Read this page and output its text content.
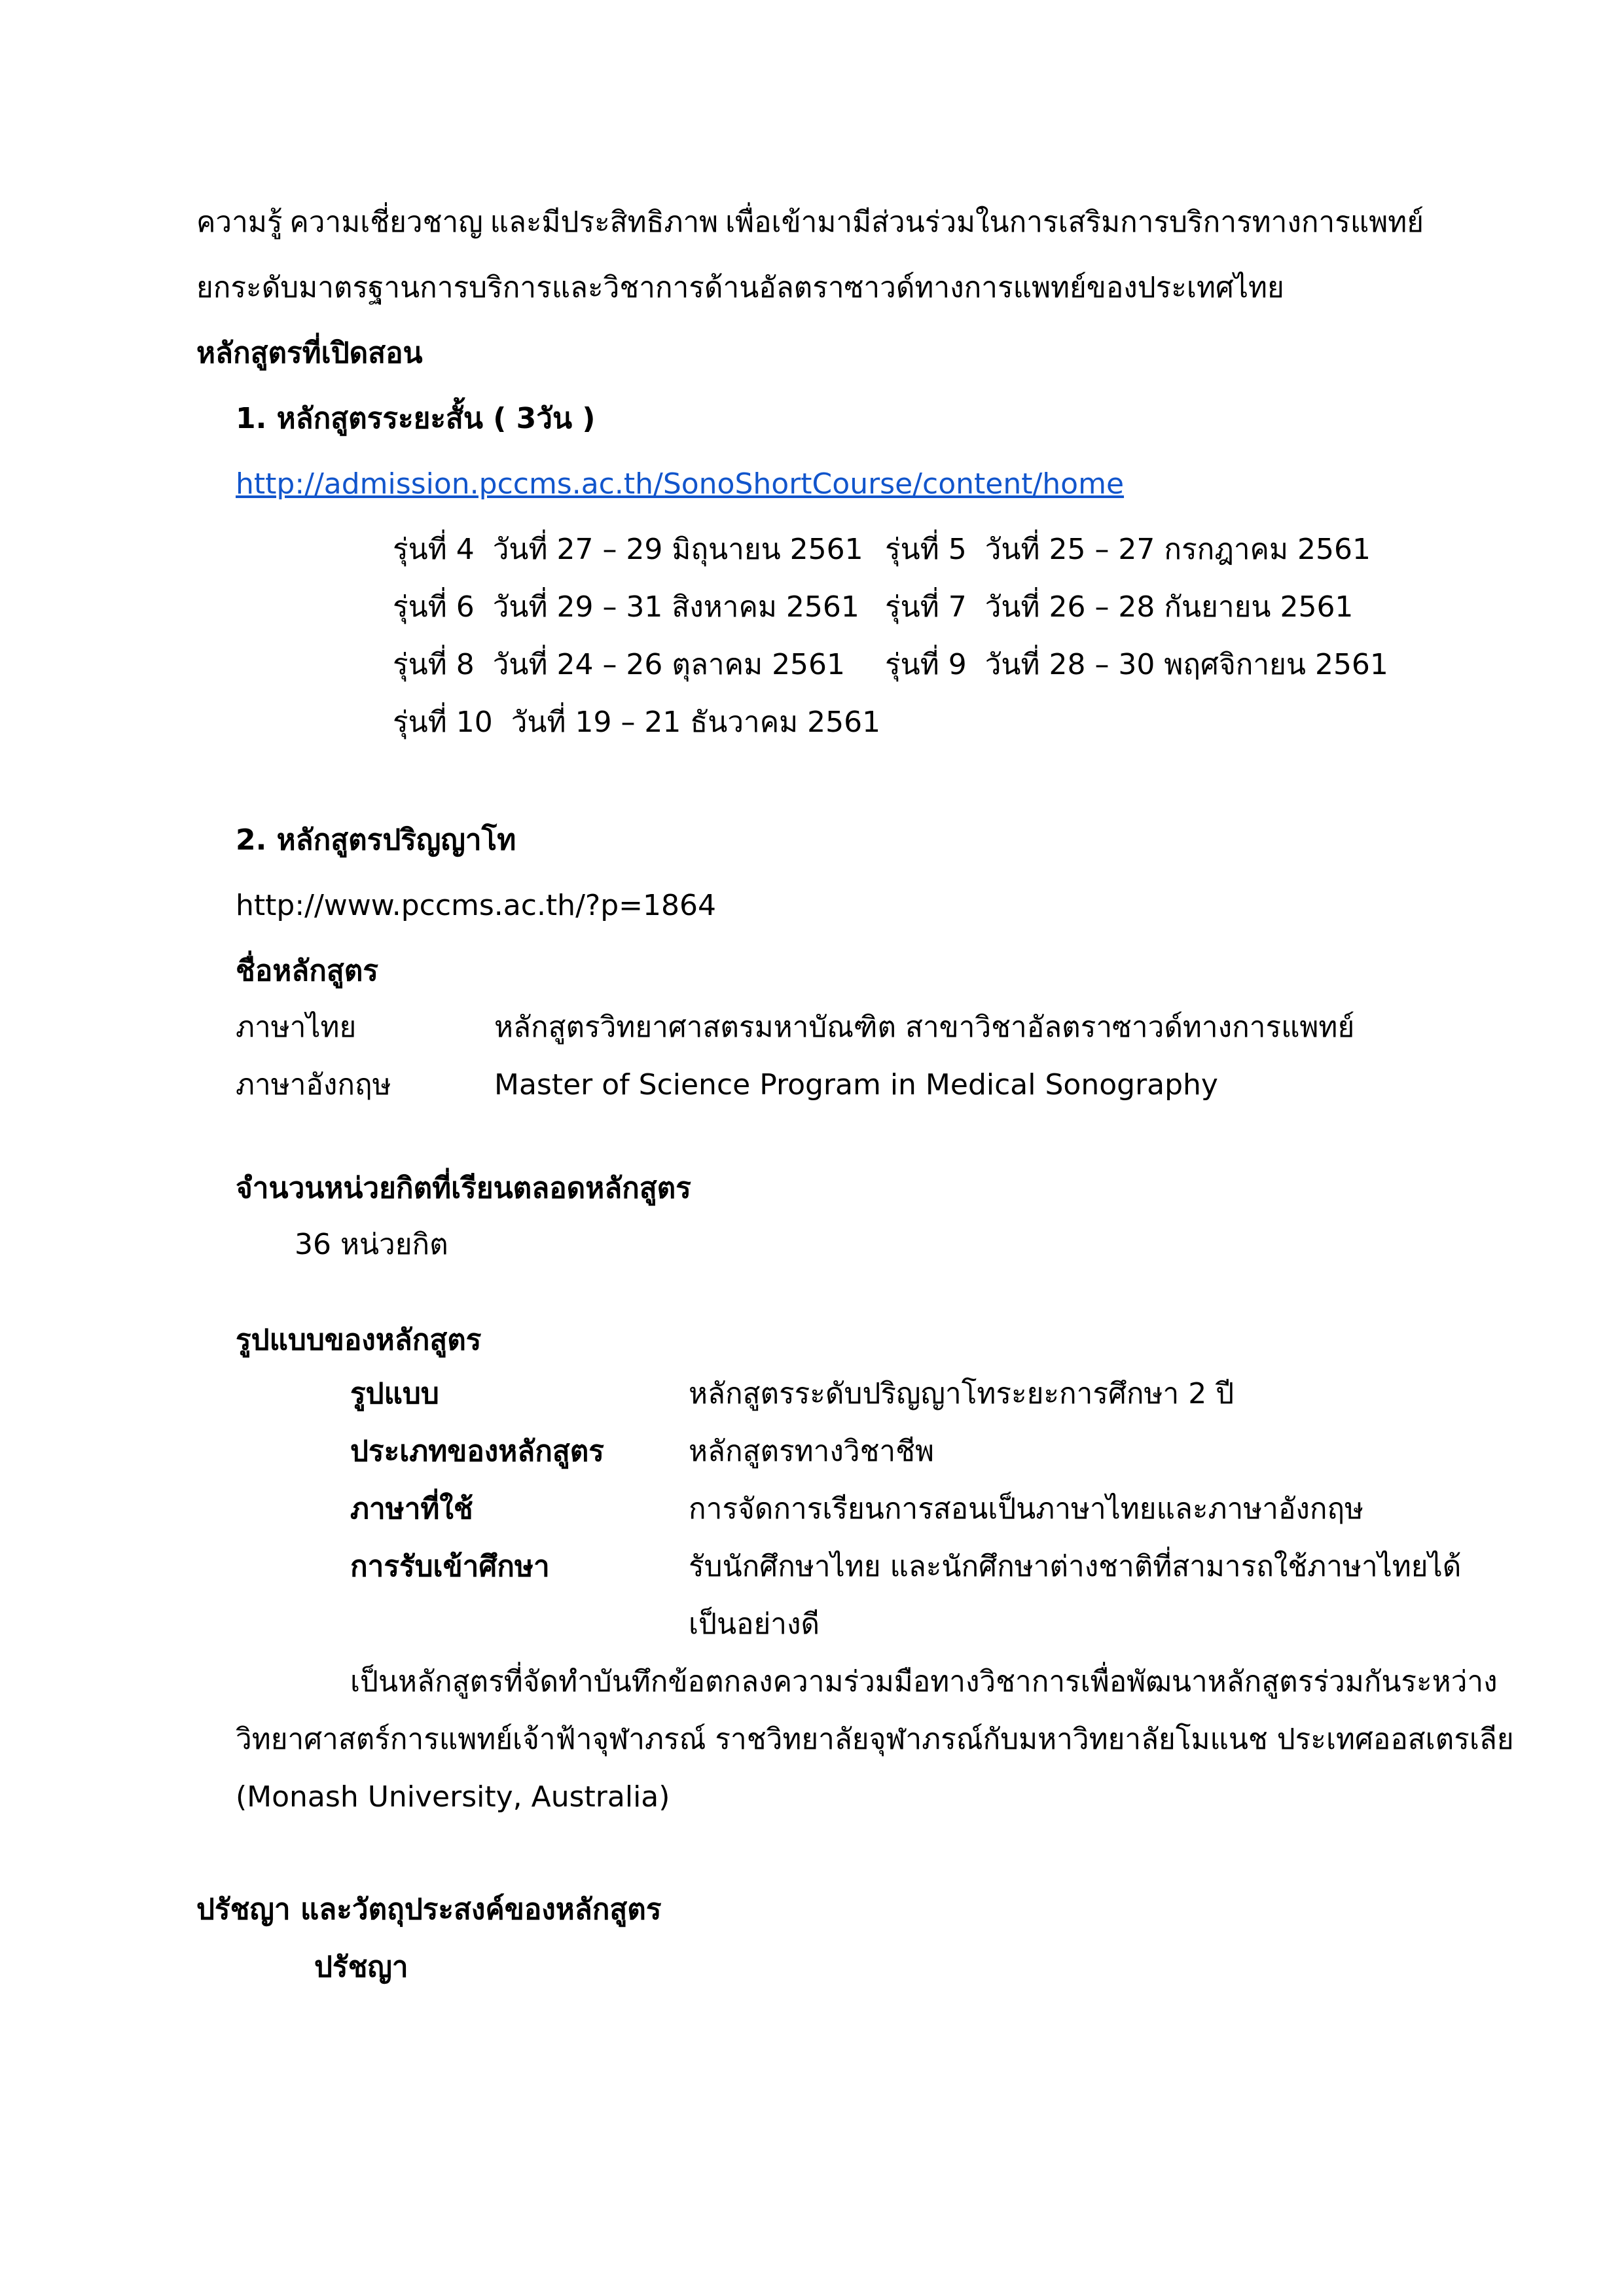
ความรู้ ความเชี่ยวชาญ และมีประสิทธิภาพ เพื่อเข้ามามีส่วนร่วมในการเสริมการบริการทางการแพทย์
ยกระดับมาตรฐานการบริการและวิชาการด้านอัลตราซาวด์ทางการแพทย์ของประเทศไทย
หลักสูตรที่เปิดสอน
1. หลักสูตรระยะสั้น ( 3วัน )
http://admission.pccms.ac.th/SonoShortCourse/content/home
รุ่นที่ 4 วันที่ 27 – 29 มิถุนายน 2561 รุ่นที่ 5 วันที่ 25 – 27 กรกฎาคม 2561
รุ่นที่ 6 วันที่ 29 – 31 สิงหาคม 2561 รุ่นที่ 7 วันที่ 26 – 28 กันยายน 2561
รุ่นที่ 8 วันที่ 24 – 26 ตุลาคม 2561 รุ่นที่ 9 วันที่ 28 – 30 พฤศจิกายน 2561
รุ่นที่ 10 วันที่ 19 – 21 ธันวาคม 2561
2. หลักสูตรปริญญาโท
http://www.pccms.ac.th/?p=1864
ชื่อหลักสูตร
ภาษาไทย	หลักสูตรวิทยาศาสตรมหาบัณฑิต สาขาวิชาอัลตราซาวด์ทางการแพทย์
ภาษาอังกฤษ	Master of Science Program in Medical Sonography
จำนวนหน่วยกิตที่เรียนตลอดหลักสูตร
36 หน่วยกิต
รูปแบบของหลักสูตร
รูปแบบ	หลักสูตรระดับปริญญาโทระยะการศึกษา 2 ปี
ประเภทของหลักสูตร	หลักสูตรทางวิชาชีพ
ภาษาที่ใช้	การจัดการเรียนการสอนเป็นภาษาไทยและภาษาอังกฤษ
การรับเข้าศึกษา	รับนักศึกษาไทย และนักศึกษาต่างชาติที่สามารถใช้ภาษาไทยได้
เป็นอย่างดี
เป็นหลักสูตรที่จัดทำบันทึกข้อตกลงความร่วมมือทางวิชาการเพื่อพัฒนาหลักสูตรร่วมกันระหว่าง
วิทยาศาสตร์การแพทย์เจ้าฟ้าจุฬาภรณ์ ราชวิทยาลัยจุฬาภรณ์กับมหาวิทยาลัยโมแนช ประเทศออสเตรเลีย
(Monash University, Australia)
ปรัชญา และวัตถุประสงค์ของหลักสูตร
ปรัชญา
